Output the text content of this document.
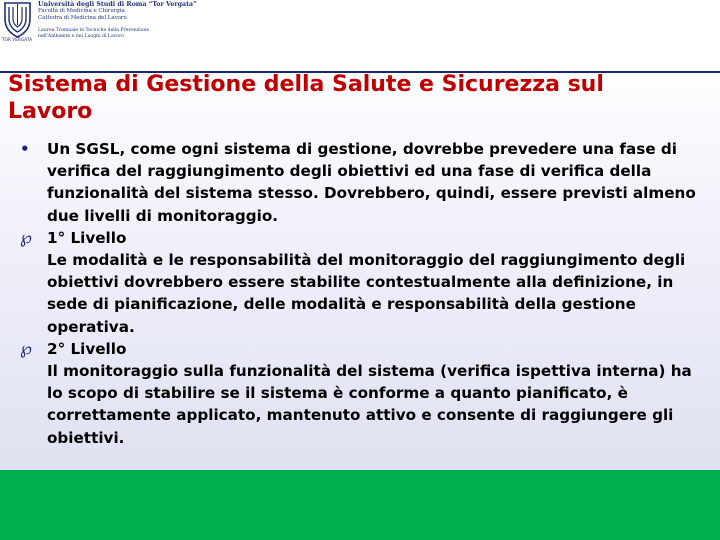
TOR VERGATA
Università degli Studi di Roma “Tor Vergata”
Facoltà di Medicina e Chirurgia
Cattedra di Medicina del Lavoro
Laurea Triennale in Tecniche della Prevenzione
nell'Ambiente e nei Luoghi di Lavoro
Sistema di Gestione della Salute e Sicurezza sul Lavoro
•	Un SGSL, come ogni sistema di gestione, dovrebbe prevedere una fase di verifica del raggiungimento degli obiettivi ed una fase di verifica della funzionalità del sistema stesso. Dovrebbero, quindi, essere previsti almeno due livelli di monitoraggio.
℘ 1° Livello
Le modalità e le responsabilità del monitoraggio del raggiungimento degli obiettivi dovrebbero essere stabilite contestualmente alla definizione, in sede di pianificazione, delle modalità e responsabilità della gestione operativa.
℘ 2° Livello
Il monitoraggio sulla funzionalità del sistema (verifica ispettiva interna) ha lo scopo di stabilire se il sistema è conforme a quanto pianificato, è correttamente applicato, mantenuto attivo e consente di raggiungere gli obiettivi.
